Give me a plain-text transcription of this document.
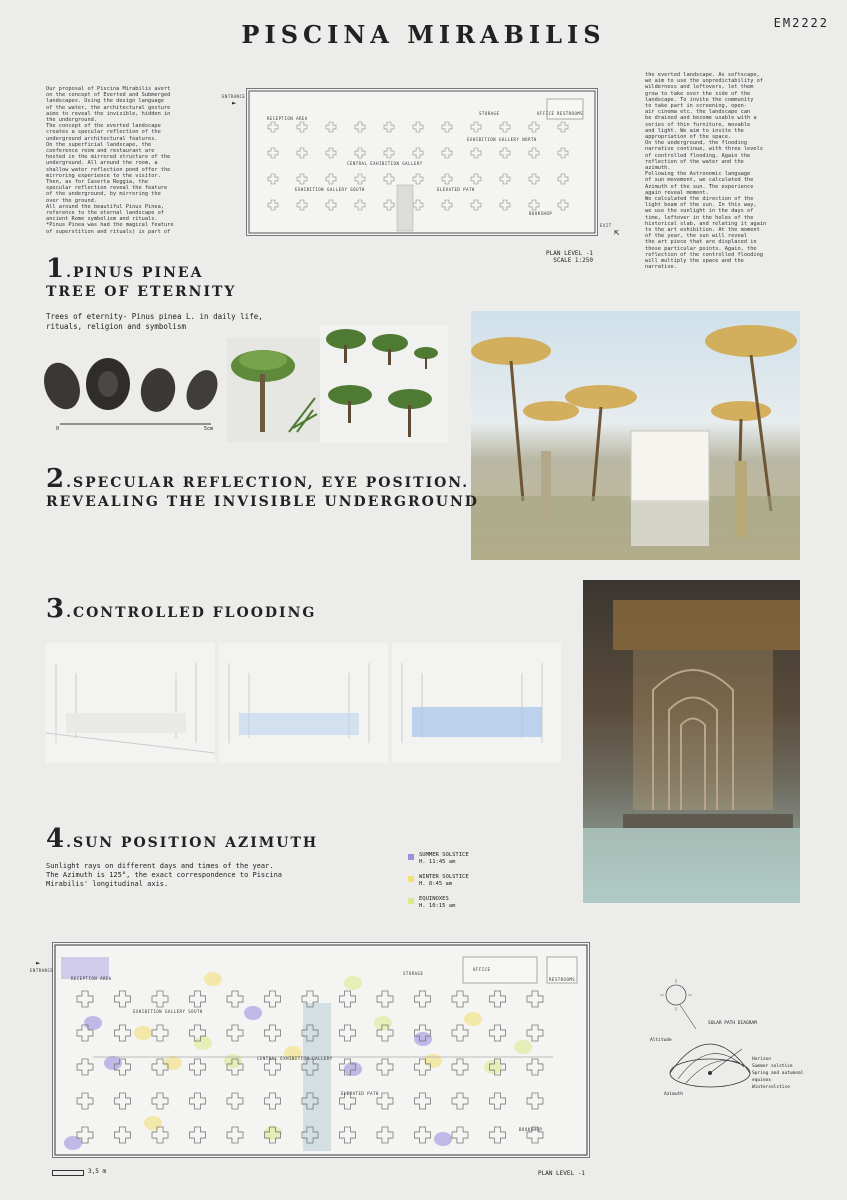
PISCINA MIRABILIS	EM2222
Our proposal of Piscina Mirabilis avert
on the concept of Everted and Submerged
landscapes. Using the design language
of the water, the architectural gesture
aims to reveal the invisible, hidden in
the underground.
The concept of the everted landscape
creates a specular reflection of the
underground architectural features.
On the superficial landscape, the
conference room and restaurant are
hosted in the mirrored structure of the
underground. All around the room, a
shallow water reflection pond offer the
mirroring experience to the visitor.
Then, as for Caserta Reggia, the
specular reflection reveal the feature
of the underground, by mirroring the
over the ground.
All around the beautiful Pinus Pinea,
reference to the eternal landscape of
ancient Rome symbolism and rituals.
*Pinus Pinea was had the magical feature
of superstition and rituals) is part of
RECEPTION AREA
STORAGE	OFFICE RESTROOMS
EXHIBITION GALLERY NORTH
CENTRAL EXHIBITION GALLERY
EXHIBITION GALLERY SOUTH	ELEVATED PATH
BOOKSHOP
ENTRANCE
►
EXIT
⇱
PLAN LEVEL -1
SCALE 1:250
the everted landscape. As softscape,
we aim to use the unpredictability of
wilderness and leftovers, let them
grow to take over the side of the
landscape. To invite the community
to take part in screening, open-
air cinema etc. the landscape can
be drained and become usable with a
series of thin furniture, movable
and light. We aim to invite the
appropriation of the space.
On the underground, the flooding
narrative continue, with three levels
of controlled flooding. Again the
reflection of the water and the
azimuth.
Following the Astronomic language
of sun movement, we calculated the
Azimuth of the sun. The experience
again reveal moment.
We calculated the direction of the
light beam of the sun. In this way,
we use the sunlight in the days of
time, leftover in the holes of the
historical slab, and relating it again
to the art exhibition. At the moment
of the year, the sun will reveal
the art piece that are displaced in
those particular points. Again, the
reflection of the controlled flooding
will multiply the space and the
narrative.
1.PINUS PINEA
TREE OF ETERNITY
Trees of eternity- Pinus pinea L. in daily life,
rituals, religion and symbolism
0	5cm
2.SPECULAR REFLECTION, EYE POSITION.
REVEALING THE INVISIBLE UNDERGROUND
3.CONTROLLED FLOODING
4.SUN POSITION AZIMUTH
Sunlight rays on different days and times of the year.
The Azimuth is 125°, the exact correspondence to Piscina
Mirabilis' longitudinal axis.
SUMMER SOLSTICE
H. 11:45 am
WINTER SOLSTICE
H. 8:45 am
EQUINOXES
H. 10:15 am
RECEPTION AREA
STORAGE
OFFICE
RESTROOMS
EXHIBITION GALLERY SOUTH
CENTRAL EXHIBITION GALLERY
ELEVATED PATH
BOOKSHOP
ENTRANCE
►
3,5 m	PLAN LEVEL -1
SOLAR PATH DIAGRAM
Altitude
Azimuth
Horizon
Summer solstice
Spring and autumnal equinox
Wintersolstice
